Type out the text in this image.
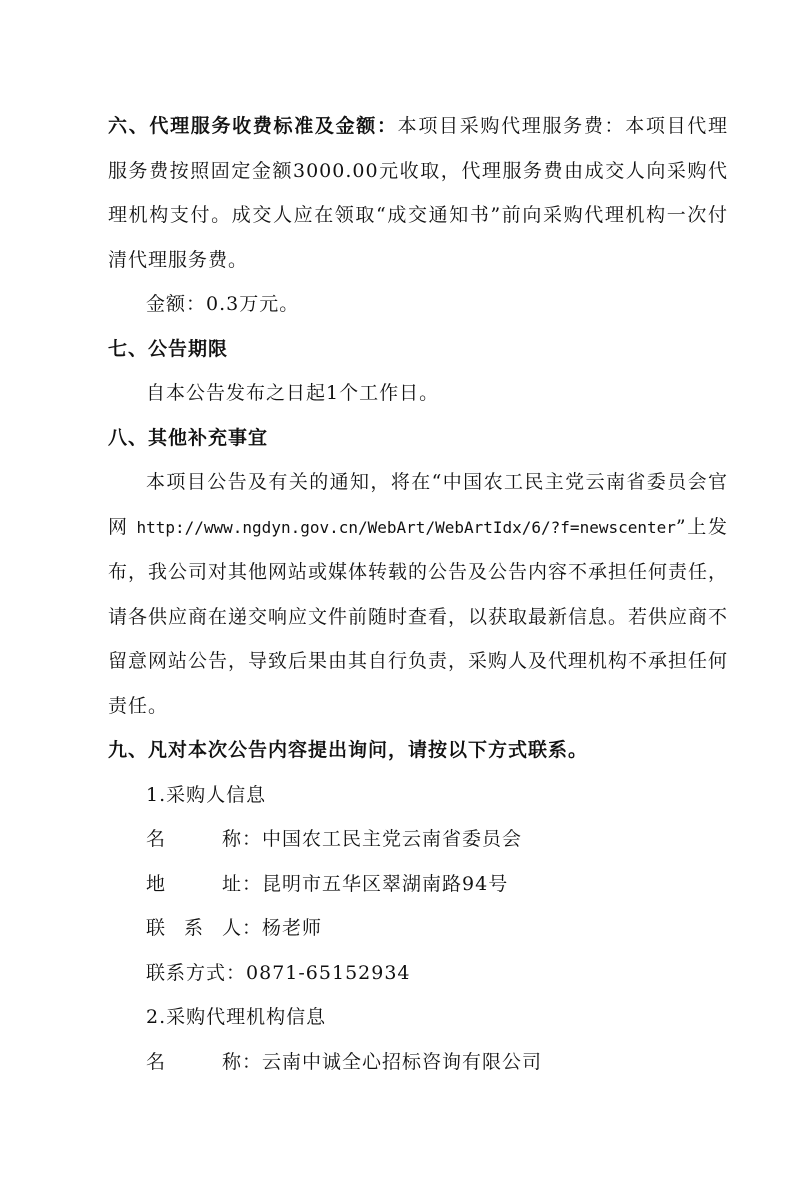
六、代理服务收费标准及金额：本项目采购代理服务费：本项目代理服务费按照固定金额3000.00元收取，代理服务费由成交人向采购代理机构支付。成交人应在领取“成交通知书”前向采购代理机构一次付清代理服务费。

金额：0.3万元。

七、公告期限

自本公告发布之日起1个工作日。

八、其他补充事宜

本项目公告及有关的通知，将在“中国农工民主党云南省委员会官网 http://www.ngdyn.gov.cn/WebArt/WebArtIdx/6/?f=newscenter”上发布，我公司对其他网站或媒体转载的公告及公告内容不承担任何责任，请各供应商在递交响应文件前随时查看，以获取最新信息。若供应商不留意网站公告，导致后果由其自行负责，采购人及代理机构不承担任何责任。

九、凡对本次公告内容提出询问，请按以下方式联系。

1.采购人信息

名	称 ： 中国农工民主党云南省委员会
地	址 ： 昆明市五华区翠湖南路94号
联 系 人 ： 杨老师
联系方式 ： 0871-65152934

2.采购代理机构信息

名	称 ： 云南中诚全心招标咨询有限公司
